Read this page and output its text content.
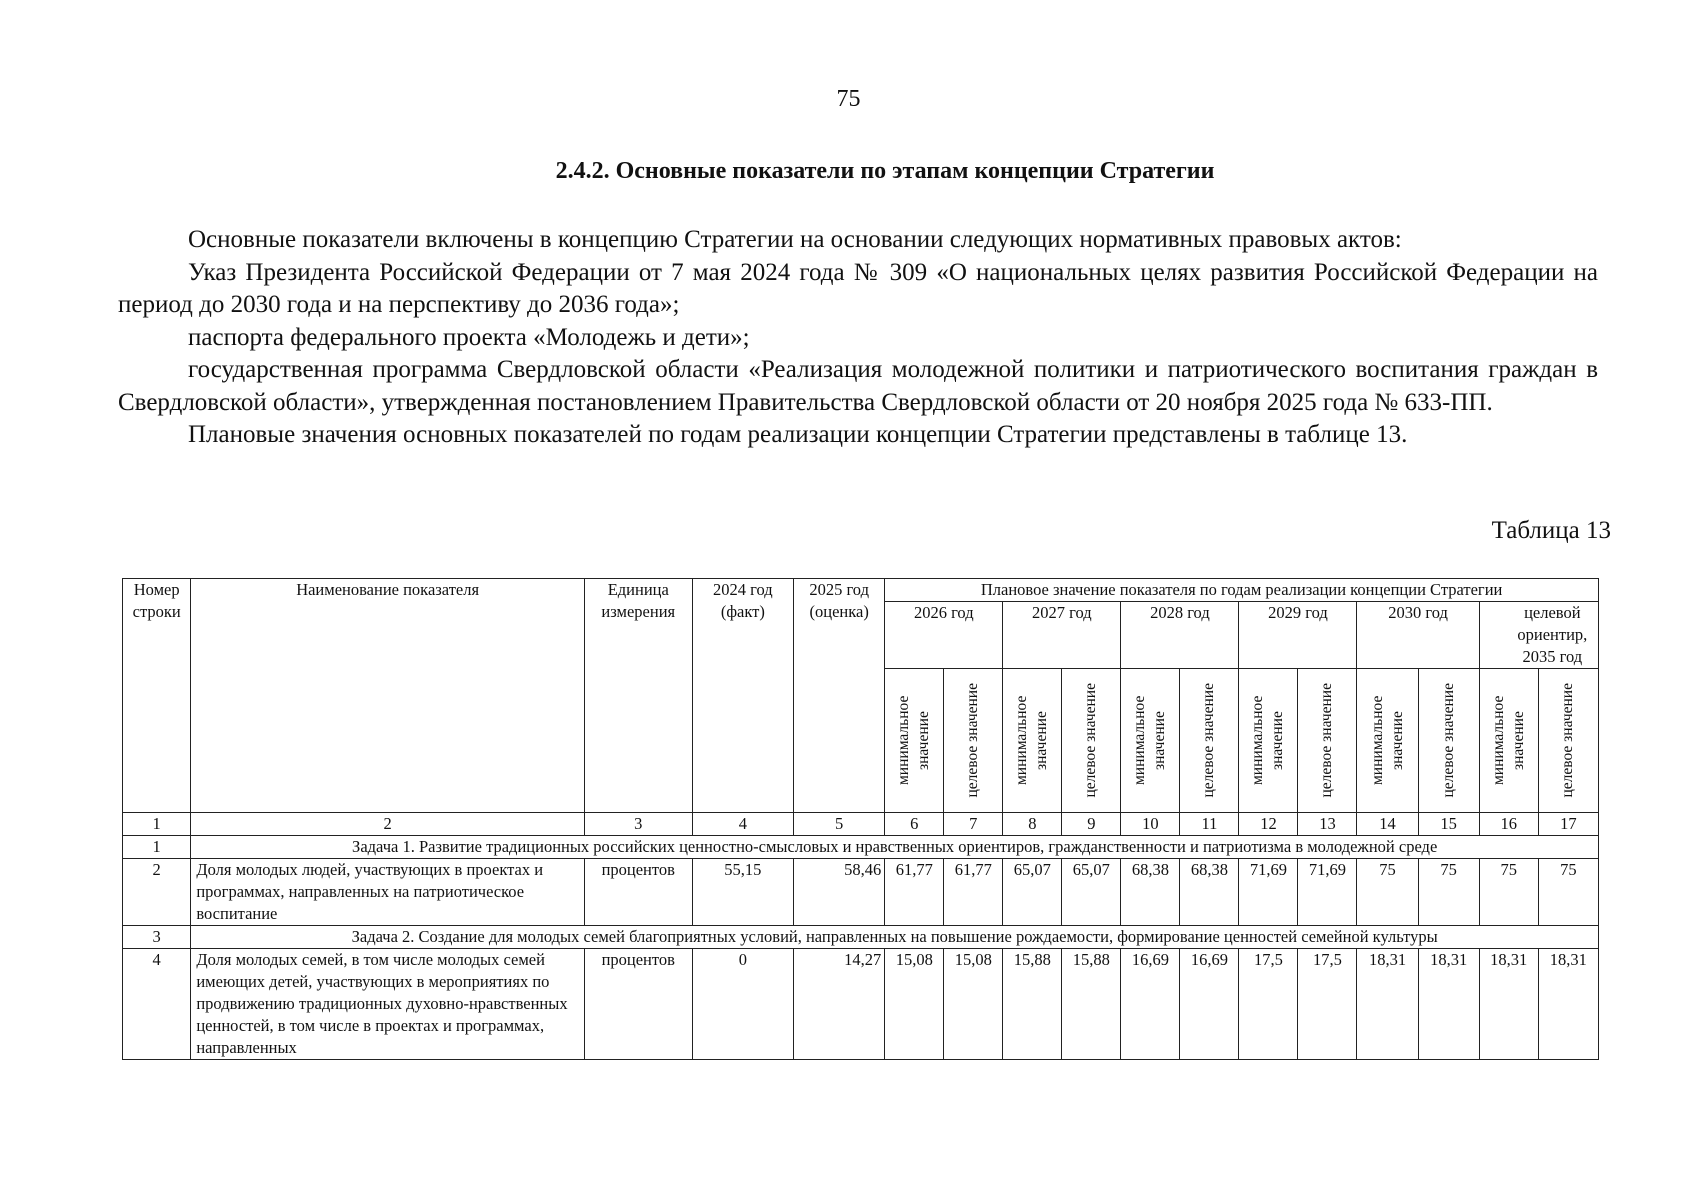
75
2.4.2. Основные показатели по этапам концепции Стратегии

Основные показатели включены в концепцию Стратегии на основании следующих нормативных правовых актов:

Указ Президента Российской Федерации от 7 мая 2024 года № 309 «О национальных целях развития Российской Федерации на период до 2030 года и на перспективу до 2036 года»;

паспорта федерального проекта «Молодежь и дети»;

государственная программа Свердловской области «Реализация молодежной политики и патриотического воспитания граждан в Свердловской области», утвержденная постановлением Правительства Свердловской области от 20 ноября 2025 года № 633-ПП.

Плановые значения основных показателей по годам реализации концепции Стратегии представлены в таблице 13.

Таблица 13
Номер строки	Наименование показателя	Единица измерения	2024 год (факт)	2025 год (оценка)	Плановое значение показателя по годам реализации концепции Стратегии											
					2026 год		2027 год		2028 год		2029 год		2030 год		целевой ориентир, 2035 год	

					минимальное значение	целевое значение	минимальное значение	целевое значение	минимальное значение	целевое значение	минимальное значение	целевое значение	минимальное значение	целевое значение	минимальное значение	целевое значение

1	2	3	4	5	6	7	8	9	10	11	12	13	14	15	16	17
1	Задача 1. Развитие традиционных российских ценностно-смысловых и нравственных ориентиров, гражданственности и патриотизма в молодежной среде															
2	Доля молодых людей, участвующих в проектах и программах, направленных на патриотическое воспитание	процентов	55,15	58,46	61,77	61,77	65,07	65,07	68,38	68,38	71,69	71,69	75	75	75	75
3	Задача 2. Создание для молодых семей благоприятных условий, направленных на повышение рождаемости, формирование ценностей семейной культуры															
4	Доля молодых семей, в том числе молодых семей имеющих детей, участвующих в мероприятиях по продвижению традиционных духовно-нравственных ценностей, в том числе в проектах и программах, направленных	процентов	0	14,27	15,08	15,08	15,88	15,88	16,69	16,69	17,5	17,5	18,31	18,31	18,31	18,31
